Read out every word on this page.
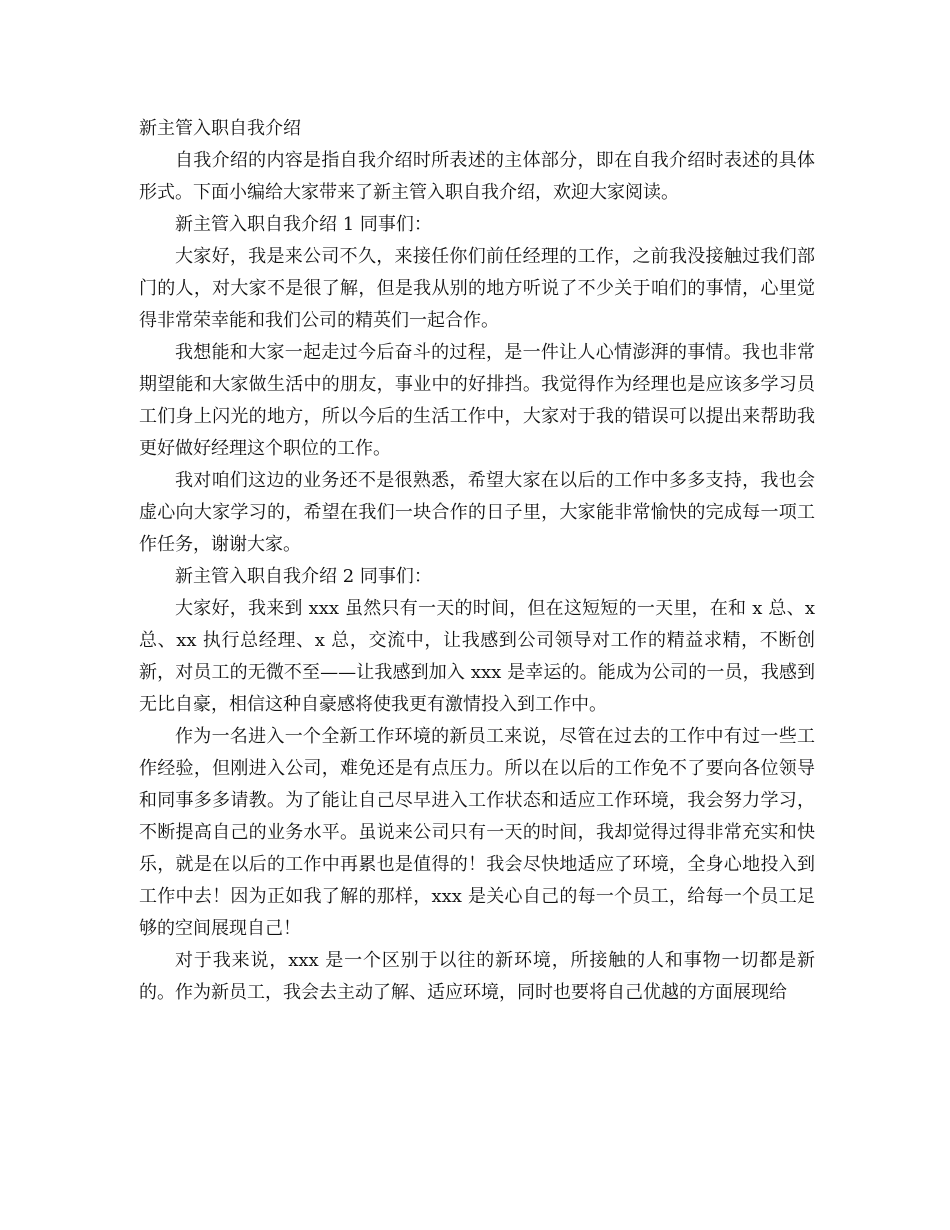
新主管入职自我介绍

自我介绍的内容是指自我介绍时所表述的主体部分，即在自我介绍时表述的具体形式。下面小编给大家带来了新主管入职自我介绍，欢迎大家阅读。

新主管入职自我介绍 1 同事们：

大家好，我是来公司不久，来接任你们前任经理的工作，之前我没接触过我们部门的人，对大家不是很了解，但是我从别的地方听说了不少关于咱们的事情，心里觉得非常荣幸能和我们公司的精英们一起合作。

我想能和大家一起走过今后奋斗的过程，是一件让人心情澎湃的事情。我也非常期望能和大家做生活中的朋友，事业中的好排挡。我觉得作为经理也是应该多学习员工们身上闪光的地方，所以今后的生活工作中，大家对于我的错误可以提出来帮助我更好做好经理这个职位的工作。

我对咱们这边的业务还不是很熟悉，希望大家在以后的工作中多多支持，我也会虚心向大家学习的，希望在我们一块合作的日子里，大家能非常愉快的完成每一项工作任务，谢谢大家。

新主管入职自我介绍 2 同事们：

大家好，我来到 xxx 虽然只有一天的时间，但在这短短的一天里，在和 x 总、x 总、xx 执行总经理、x 总，交流中，让我感到公司领导对工作的精益求精，不断创新，对员工的无微不至——让我感到加入 xxx 是幸运的。能成为公司的一员，我感到无比自豪，相信这种自豪感将使我更有激情投入到工作中。

作为一名进入一个全新工作环境的新员工来说，尽管在过去的工作中有过一些工作经验，但刚进入公司，难免还是有点压力。所以在以后的工作免不了要向各位领导和同事多多请教。为了能让自己尽早进入工作状态和适应工作环境，我会努力学习，不断提高自己的业务水平。虽说来公司只有一天的时间，我却觉得过得非常充实和快乐，就是在以后的工作中再累也是值得的！我会尽快地适应了环境，全身心地投入到工作中去！因为正如我了解的那样，xxx 是关心自己的每一个员工，给每一个员工足够的空间展现自己！

对于我来说，xxx 是一个区别于以往的新环境，所接触的人和事物一切都是新的。作为新员工，我会去主动了解、适应环境，同时也要将自己优越的方面展现给
